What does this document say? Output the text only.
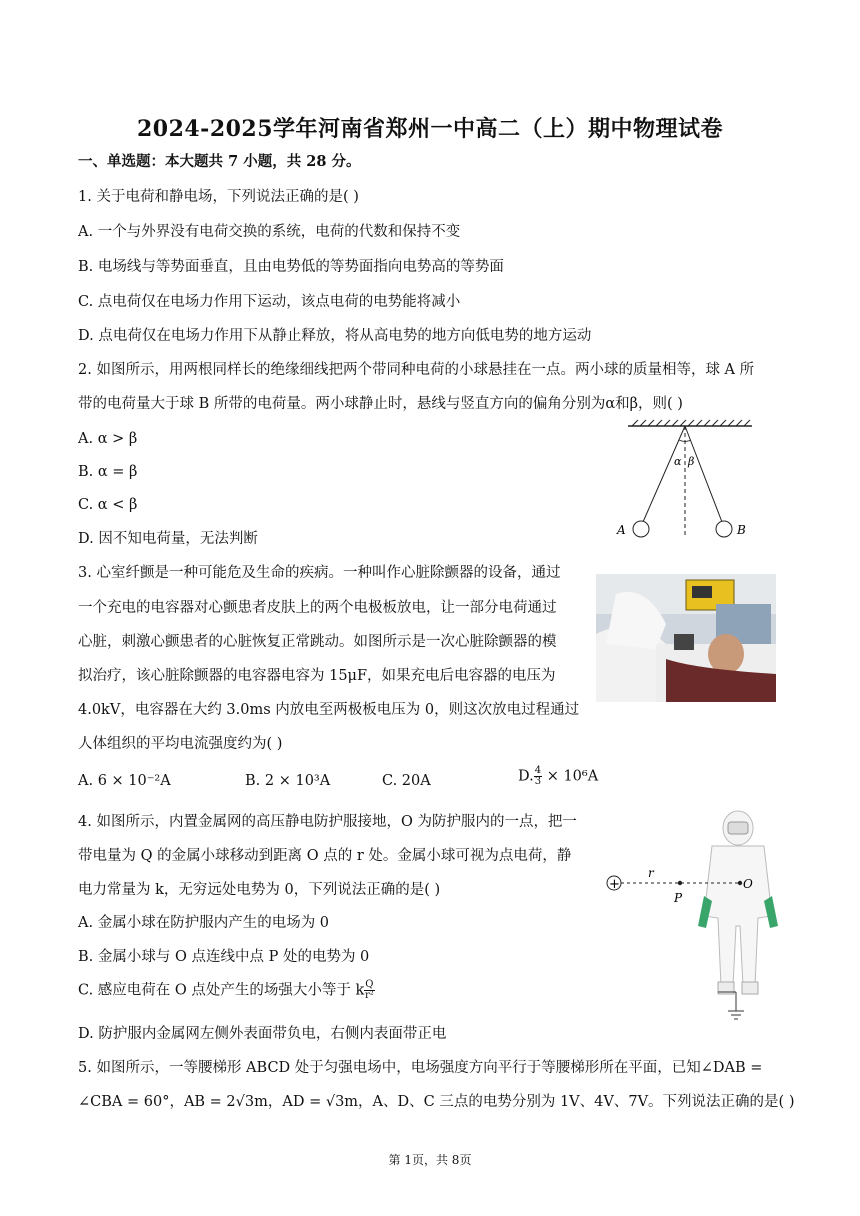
2024-2025学年河南省郑州一中高二（上）期中物理试卷
一、单选题：本大题共 7 小题，共 28 分。
1. 关于电荷和静电场，下列说法正确的是( )
A. 一个与外界没有电荷交换的系统，电荷的代数和保持不变
B. 电场线与等势面垂直，且由电势低的等势面指向电势高的等势面
C. 点电荷仅在电场力作用下运动，该点电荷的电势能将减小
D. 点电荷仅在电场力作用下从静止释放，将从高电势的地方向低电势的地方运动
2. 如图所示，用两根同样长的绝缘细线把两个带同种电荷的小球悬挂在一点。两小球的质量相等，球 A 所
带的电荷量大于球 B 所带的电荷量。两小球静止时，悬线与竖直方向的偏角分别为α和β，则( )
A. α > β
B. α = β
C. α < β
D. 因不知电荷量，无法判断
α β
A	B
3. 心室纤颤是一种可能危及生命的疾病。一种叫作心脏除颤器的设备，通过
一个充电的电容器对心颤患者皮肤上的两个电极板放电，让一部分电荷通过
心脏，刺激心颤患者的心脏恢复正常跳动。如图所示是一次心脏除颤器的模
拟治疗，该心脏除颤器的电容器电容为 15μF，如果充电后电容器的电压为
4.0kV，电容器在大约 3.0ms 内放电至两极板电压为 0，则这次放电过程通过
人体组织的平均电流强度约为( )
A. 6 × 10⁻²A	B. 2 × 10³A	C. 20A	D. $\frac{4}{3} \times 10^6A$
4. 如图所示，内置金属网的高压静电防护服接地，O 为防护服内的一点，把一
带电量为 Q 的金属小球移动到距离 O 点的 r 处。金属小球可视为点电荷，静
电力常量为 k，无穷远处电势为 0，下列说法正确的是( )
A. 金属小球在防护服内产生的电场为 0
B. 金属小球与 O 点连线中点 P 处的电势为 0
C. 感应电荷在 O 点处产生的场强大小等于 k $\frac{Q}{\text{r²}}$
D. 防护服内金属网左侧外表面带负电，右侧内表面带正电
+
r
P
O
5. 如图所示，一等腰梯形 ABCD 处于匀强电场中，电场强度方向平行于等腰梯形所在平面，已知∠DAB =
∠CBA = 60°，AB = 2√3m，AD = √3m，A、D、C 三点的电势分别为 1V、4V、7V。下列说法正确的是( )
第 1页，共 8页
